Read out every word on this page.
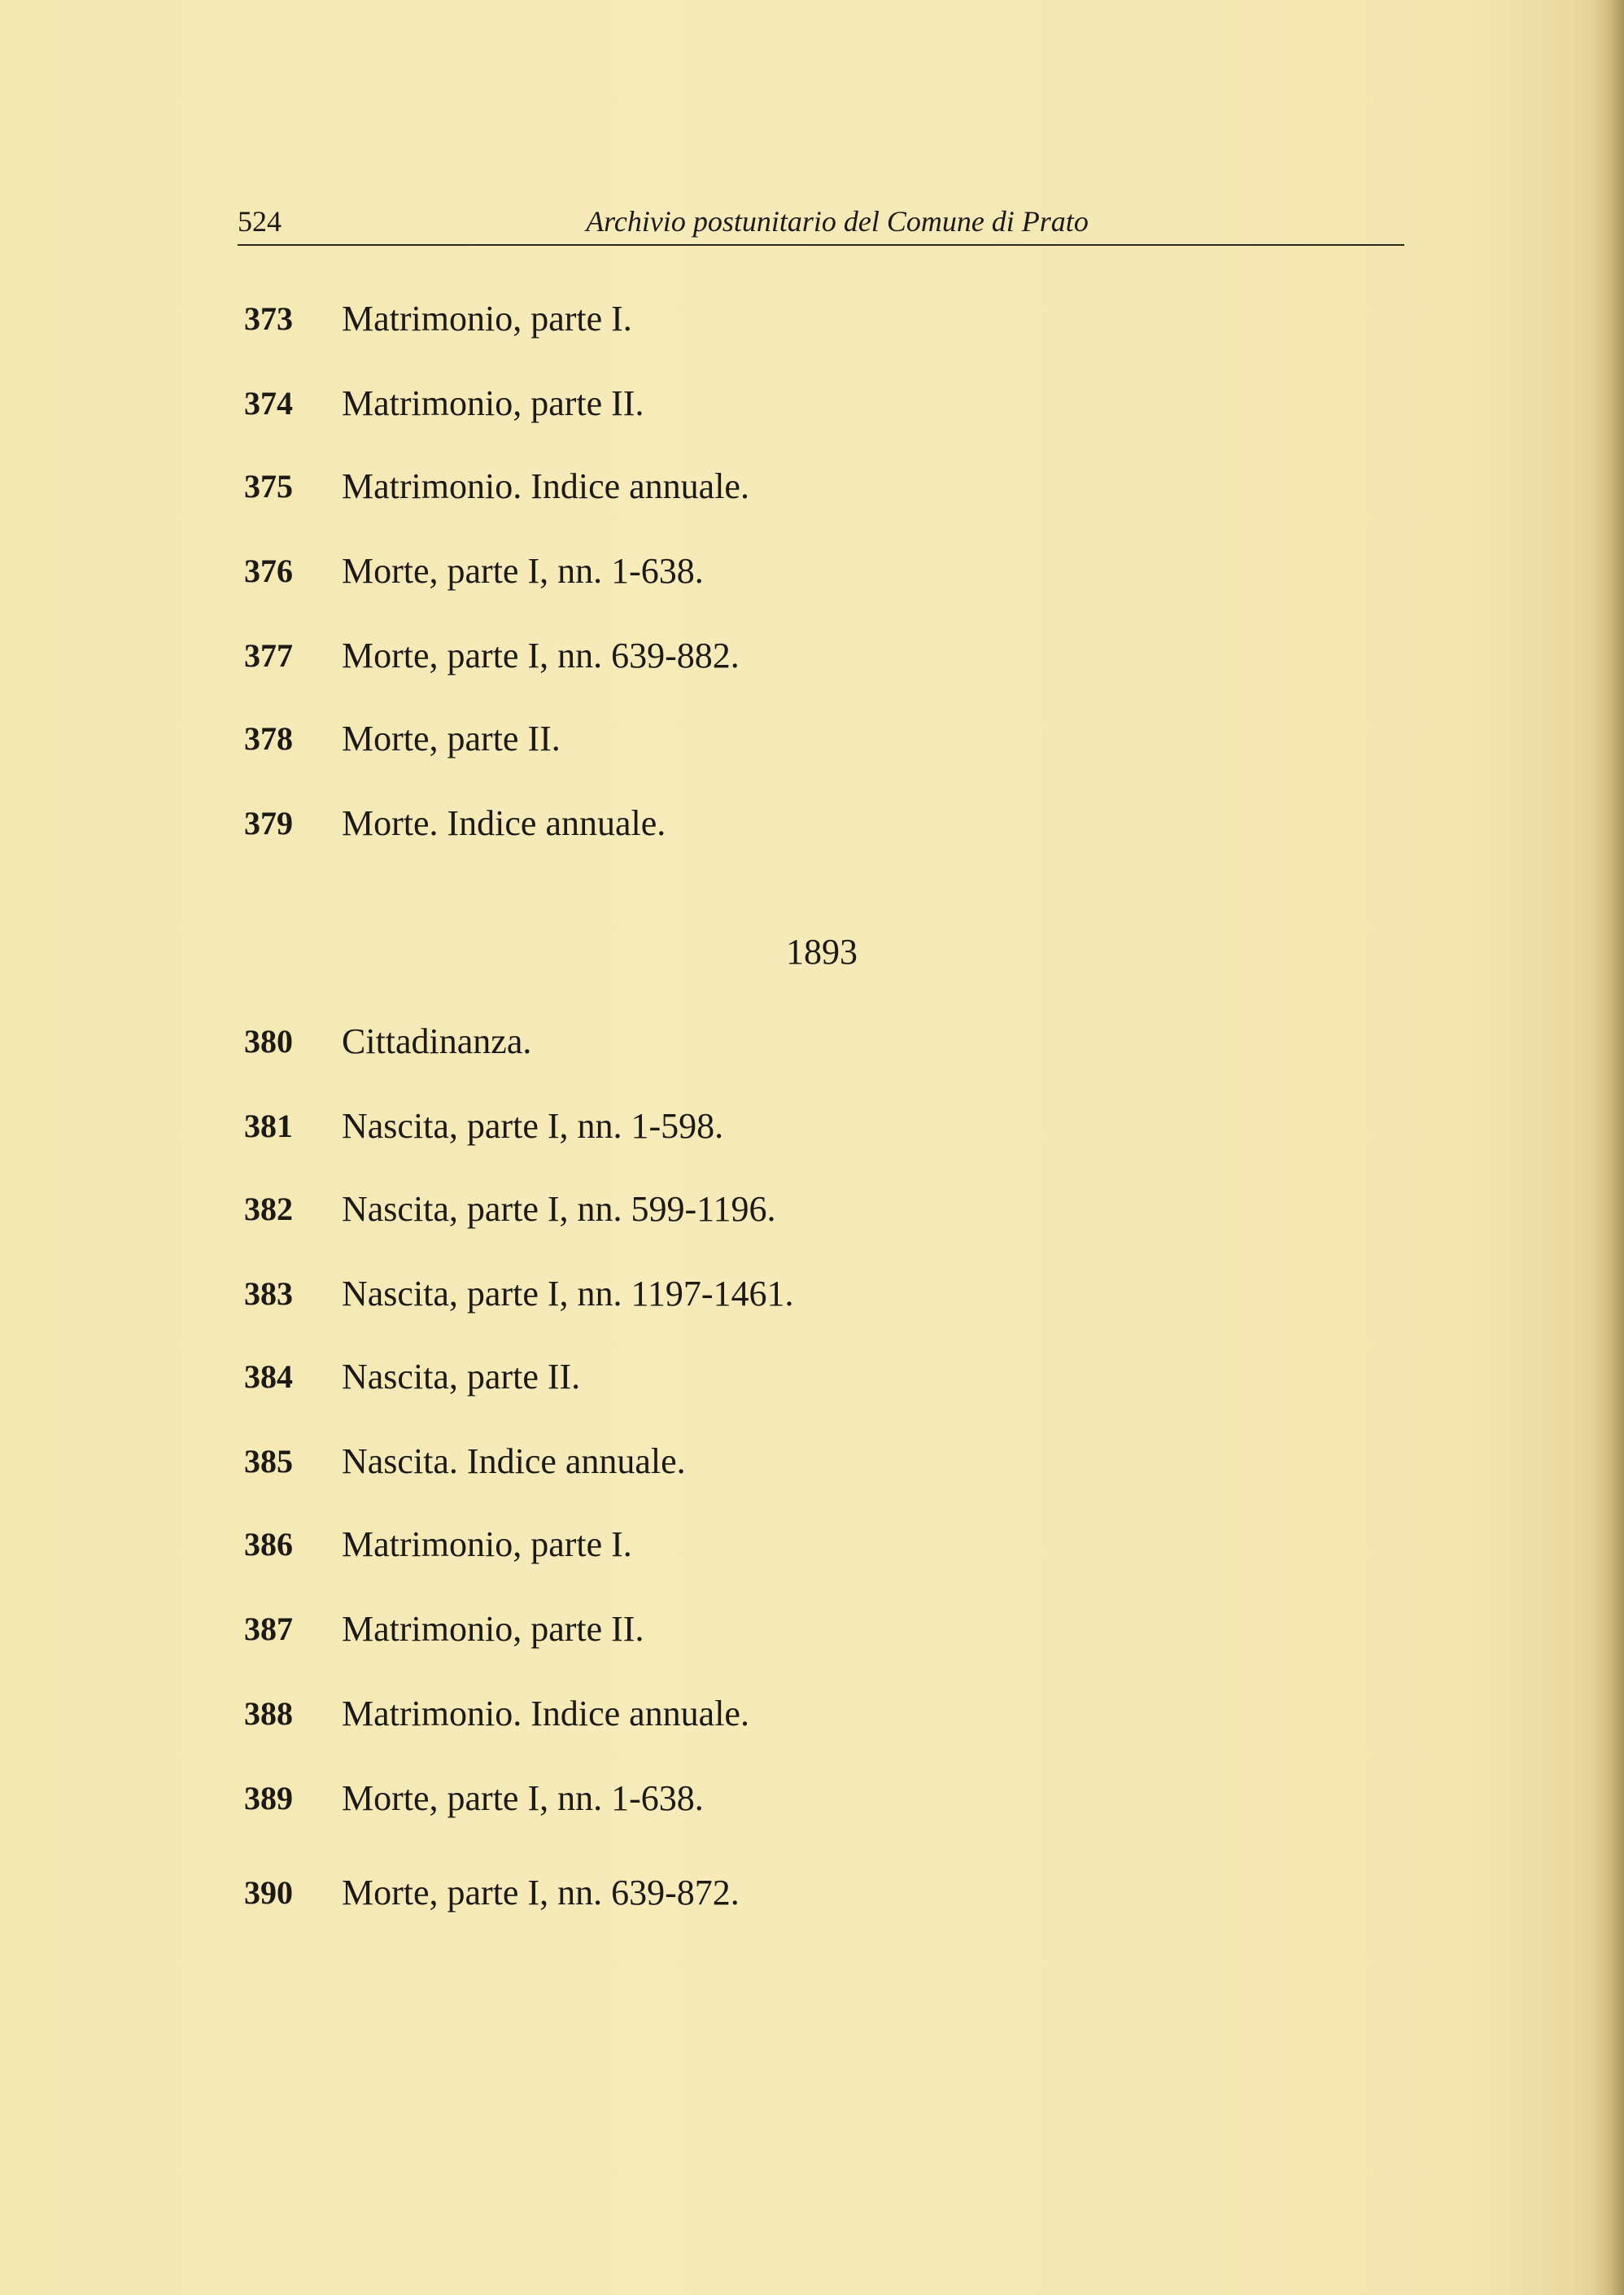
524	Archivio postunitario del Comune di Prato
373	Matrimonio, parte I.
374	Matrimonio, parte II.
375	Matrimonio. Indice annuale.
376	Morte, parte I, nn. 1-638.
377	Morte, parte I, nn. 639-882.
378	Morte, parte II.
379	Morte. Indice annuale.
1893
380	Cittadinanza.
381	Nascita, parte I, nn. 1-598.
382	Nascita, parte I, nn. 599-1196.
383	Nascita, parte I, nn. 1197-1461.
384	Nascita, parte II.
385	Nascita. Indice annuale.
386	Matrimonio, parte I.
387	Matrimonio, parte II.
388	Matrimonio. Indice annuale.
389	Morte, parte I, nn. 1-638.
390	Morte, parte I, nn. 639-872.
